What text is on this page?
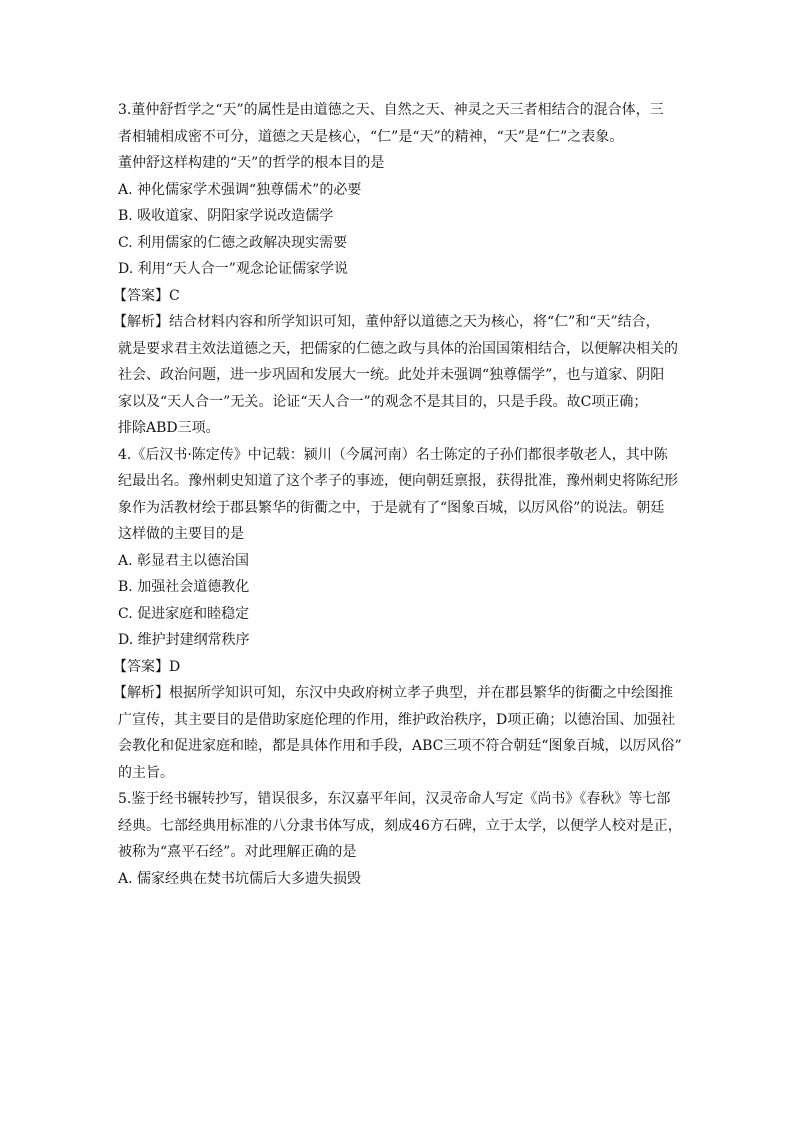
3.董仲舒哲学之“天”的属性是由道德之天、自然之天、神灵之天三者相结合的混合体，三
者相辅相成密不可分，道德之天是核心，“仁”是“天”的精神，“天”是“仁”之表象。
董仲舒这样构建的“天”的哲学的根本目的是
A. 神化儒家学术强调“独尊儒术”的必要
B. 吸收道家、阴阳家学说改造儒学
C. 利用儒家的仁德之政解决现实需要
D. 利用“天人合一”观念论证儒家学说
【答案】C
【解析】结合材料内容和所学知识可知，董仲舒以道德之天为核心，将“仁”和“天”结合，
就是要求君主效法道德之天，把儒家的仁德之政与具体的治国国策相结合，以便解决相关的
社会、政治问题，进一步巩固和发展大一统。此处并未强调“独尊儒学”，也与道家、阴阳
家以及“天人合一”无关。论证“天人合一”的观念不是其目的，只是手段。故C项正确；
排除ABD三项。
4.《后汉书·陈定传》中记载：颍川（今属河南）名士陈定的子孙们都很孝敬老人，其中陈
纪最出名。豫州刺史知道了这个孝子的事迹，便向朝廷禀报，获得批准，豫州刺史将陈纪形
象作为活教材绘于郡县繁华的街衢之中，于是就有了“图象百城，以厉风俗”的说法。朝廷
这样做的主要目的是
A. 彰显君主以德治国
B. 加强社会道德教化
C. 促进家庭和睦稳定
D. 维护封建纲常秩序
【答案】D
【解析】根据所学知识可知，东汉中央政府树立孝子典型，并在郡县繁华的街衢之中绘图推
广宣传，其主要目的是借助家庭伦理的作用，维护政治秩序，D项正确；以德治国、加强社
会教化和促进家庭和睦，都是具体作用和手段，ABC三项不符合朝廷“图象百城，以厉风俗”
的主旨。
5.鉴于经书辗转抄写，错误很多，东汉嘉平年间，汉灵帝命人写定《尚书》《春秋》等七部
经典。七部经典用标准的八分隶书体写成，刻成46方石碑，立于太学，以便学人校对是正，
被称为“熹平石经”。对此理解正确的是
A. 儒家经典在焚书坑儒后大多遗失损毁
